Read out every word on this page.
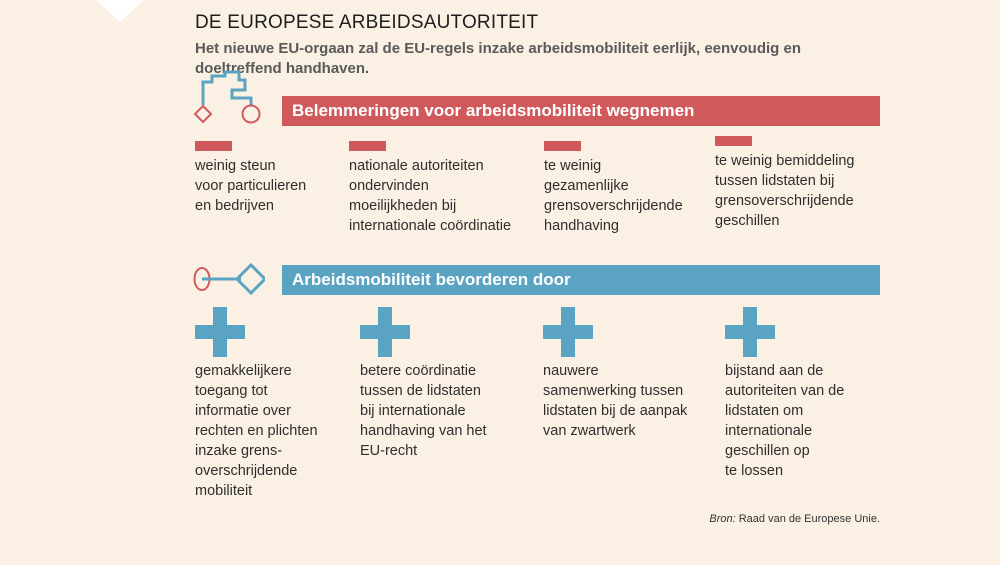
DE EUROPESE ARBEIDSAUTORITEIT
Het nieuwe EU-orgaan zal de EU-regels inzake arbeidsmobiliteit eerlijk, eenvoudig en doeltreffend handhaven.
Belemmeringen voor arbeidsmobiliteit wegnemen
weinig steun
voor particulieren
en bedrijven
nationale autoriteiten
ondervinden
moeilijkheden bij
internationale coördinatie
te weinig
gezamenlijke
grensoverschrijdende
handhaving
te weinig bemiddeling
tussen lidstaten bij
grensoverschrijdende
geschillen
Arbeidsmobiliteit bevorderen door
gemakkelijkere
toegang tot
informatie over
rechten en plichten
inzake grens-
overschrijdende
mobiliteit
betere coördinatie
tussen de lidstaten
bij internationale
handhaving van het
EU-recht
nauwere
samenwerking tussen
lidstaten bij de aanpak
van zwartwerk
bijstand aan de
autoriteiten van de
lidstaten om
internationale
geschillen op
te lossen
Bron: Raad van de Europese Unie.
